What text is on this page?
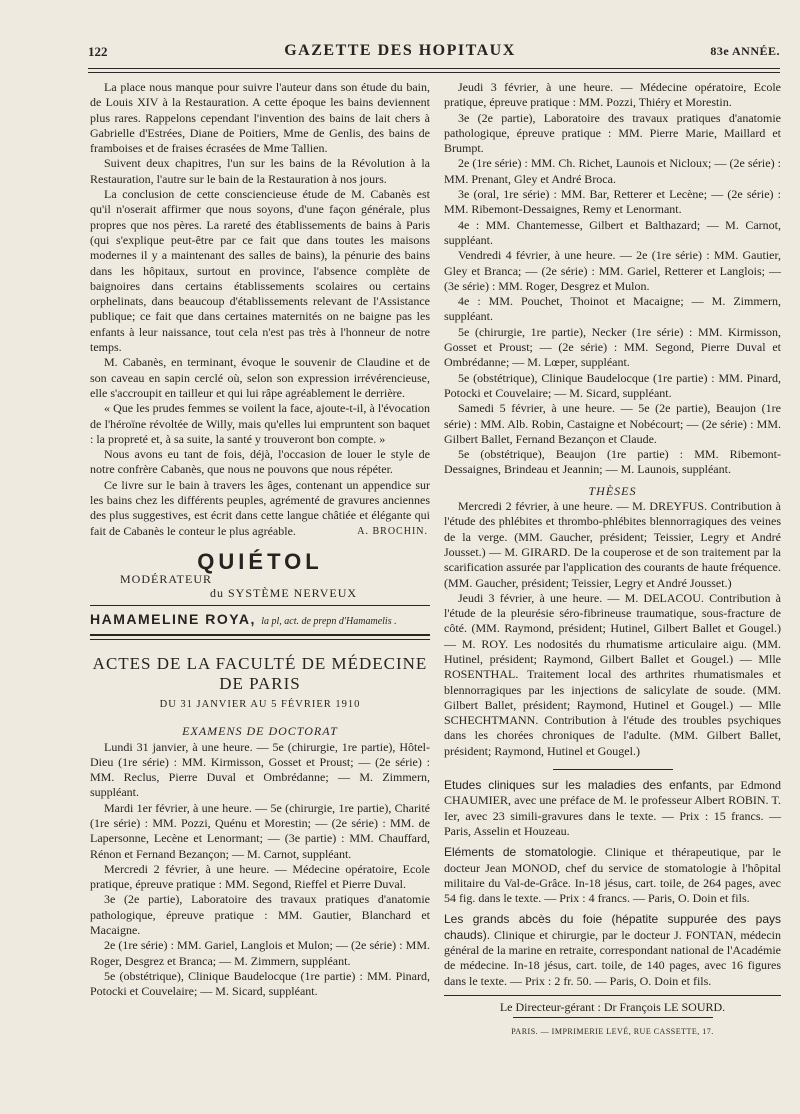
122	GAZETTE DES HOPITAUX	83e ANNÉE.

La place nous manque pour suivre l'auteur dans son étude du bain, de Louis XIV à la Restauration. A cette époque les bains deviennent plus rares. Rappelons cependant l'invention des bains de lait chers à Gabrielle d'Estrées, Diane de Poitiers, Mme de Genlis, des bains de framboises et de fraises écrasées de Mme Tallien.

Suivent deux chapitres, l'un sur les bains de la Révolution à la Restauration, l'autre sur le bain de la Restauration à nos jours.

La conclusion de cette consciencieuse étude de M. Cabanès est qu'il n'oserait affirmer que nous soyons, d'une façon générale, plus propres que nos pères. La rareté des établissements de bains à Paris (qui s'explique peut-être par ce fait que dans toutes les maisons modernes il y a maintenant des salles de bains), la pénurie des bains dans les hôpitaux, surtout en province, l'absence complète de baignoires dans certains établissements scolaires ou certains orphelinats, dans beaucoup d'établissements relevant de l'Assistance publique; ce fait que dans certaines maternités on ne baigne pas les enfants à leur naissance, tout cela n'est pas très à l'honneur de notre temps.

M. Cabanès, en terminant, évoque le souvenir de Claudine et de son caveau en sapin cerclé où, selon son expression irrévérencieuse, elle s'accroupit en tailleur et qui lui râpe agréablement le derrière.

« Que les prudes femmes se voilent la face, ajoute-t-il, à l'évocation de l'héroïne révoltée de Willy, mais qu'elles lui empruntent son baquet : la propreté et, à sa suite, la santé y trouveront bon compte. »

Nous avons eu tant de fois, déjà, l'occasion de louer le style de notre confrère Cabanès, que nous ne pouvons que nous répéter.

Ce livre sur le bain à travers les âges, contenant un appendice sur les bains chez les différents peuples, agrémenté de gravures anciennes des plus suggestives, est écrit dans cette langue châtiée et élégante qui fait de Cabanès le conteur le plus agréable.	A. BROCHIN.
QUIÉTOL
MODÉRATEUR
du SYSTÈME NERVEUX
HAMAMELINE ROYA, la pl, act. de prepn d'Hamamelis .
ACTES DE LA FACULTÉ DE MÉDECINE DE PARIS
DU 31 JANVIER AU 5 FÉVRIER 1910
EXAMENS DE DOCTORAT

Lundi 31 janvier, à une heure. — 5e (chirurgie, 1re partie), Hôtel-Dieu (1re série) : MM. Kirmisson, Gosset et Proust; — (2e série) : MM. Reclus, Pierre Duval et Ombrédanne; — M. Zimmern, suppléant.

Mardi 1er février, à une heure. — 5e (chirurgie, 1re partie), Charité (1re série) : MM. Pozzi, Quénu et Morestin; — (2e série) : MM. de Lapersonne, Lecène et Lenormant; — (3e partie) : MM. Chauffard, Rénon et Fernand Bezançon; — M. Carnot, suppléant.

Mercredi 2 février, à une heure. — Médecine opératoire, Ecole pratique, épreuve pratique : MM. Segond, Rieffel et Pierre Duval.

3e (2e partie), Laboratoire des travaux pratiques d'anatomie pathologique, épreuve pratique : MM. Gautier, Blanchard et Macaigne.

2e (1re série) : MM. Gariel, Langlois et Mulon; — (2e série) : MM. Roger, Desgrez et Branca; — M. Zimmern, suppléant.

5e (obstétrique), Clinique Baudelocque (1re partie) : MM. Pinard, Potocki et Couvelaire; — M. Sicard, suppléant.

Jeudi 3 février, à une heure. — Médecine opératoire, Ecole pratique, épreuve pratique : MM. Pozzi, Thiéry et Morestin.

3e (2e partie), Laboratoire des travaux pratiques d'anatomie pathologique, épreuve pratique : MM. Pierre Marie, Maillard et Brumpt.

2e (1re série) : MM. Ch. Richet, Launois et Nicloux; — (2e série) : MM. Prenant, Gley et André Broca.

3e (oral, 1re série) : MM. Bar, Retterer et Lecène; — (2e série) : MM. Ribemont-Dessaignes, Remy et Lenormant.

4e : MM. Chantemesse, Gilbert et Balthazard; — M. Carnot, suppléant.

Vendredi 4 février, à une heure. — 2e (1re série) : MM. Gautier, Gley et Branca; — (2e série) : MM. Gariel, Retterer et Langlois; — (3e série) : MM. Roger, Desgrez et Mulon.

4e : MM. Pouchet, Thoinot et Macaigne; — M. Zimmern, suppléant.

5e (chirurgie, 1re partie), Necker (1re série) : MM. Kirmisson, Gosset et Proust; — (2e série) : MM. Segond, Pierre Duval et Ombrédanne; — M. Lœper, suppléant.

5e (obstétrique), Clinique Baudelocque (1re partie) : MM. Pinard, Potocki et Couvelaire; — M. Sicard, suppléant.

Samedi 5 février, à une heure. — 5e (2e partie), Beaujon (1re série) : MM. Alb. Robin, Castaigne et Nobécourt; — (2e série) : MM. Gilbert Ballet, Fernand Bezançon et Claude.

5e (obstétrique), Beaujon (1re partie) : MM. Ribemont-Dessaignes, Brindeau et Jeannin; — M. Launois, suppléant.

THÈSES

Mercredi 2 février, à une heure. — M. DREYFUS. Contribution à l'étude des phlébites et thrombo-phlébites blennorragiques des veines de la verge. (MM. Gaucher, président; Teissier, Legry et André Jousset.) — M. GIRARD. De la couperose et de son traitement par la scarification assurée par l'application des courants de haute fréquence. (MM. Gaucher, président; Teissier, Legry et André Jousset.)

Jeudi 3 février, à une heure. — M. DELACOU. Contribution à l'étude de la pleurésie séro-fibrineuse traumatique, sous-fracture de côté. (MM. Raymond, président; Hutinel, Gilbert Ballet et Gougel.) — M. ROY. Les nodosités du rhumatisme articulaire aigu. (MM. Hutinel, président; Raymond, Gilbert Ballet et Gougel.) — Mlle ROSENTHAL. Traitement local des arthrites rhumatismales et blennorragiques par les injections de salicylate de soude. (MM. Gilbert Ballet, président; Raymond, Hutinel et Gougel.) — Mlle SCHECHTMANN. Contribution à l'étude des troubles psychiques dans les chorées chroniques de l'adulte. (MM. Gilbert Ballet, président; Raymond, Hutinel et Gougel.)

Etudes cliniques sur les maladies des enfants, par Edmond CHAUMIER, avec une préface de M. le professeur Albert ROBIN. T. Ier, avec 23 simili-gravures dans le texte. — Prix : 15 francs. — Paris, Asselin et Houzeau.

Eléments de stomatologie. Clinique et thérapeutique, par le docteur Jean MONOD, chef du service de stomatologie à l'hôpital militaire du Val-de-Grâce. In-18 jésus, cart. toile, de 264 pages, avec 54 fig. dans le texte. — Prix : 4 francs. — Paris, O. Doin et fils.

Les grands abcès du foie (hépatite suppurée des pays chauds). Clinique et chirurgie, par le docteur J. FONTAN, médecin général de la marine en retraite, correspondant national de l'Académie de médecine. In-18 jésus, cart. toile, de 140 pages, avec 16 figures dans le texte. — Prix : 2 fr. 50. — Paris, O. Doin et fils.

Le Directeur-gérant : Dr François LE SOURD.
PARIS. — IMPRIMERIE LEVÉ, RUE CASSETTE, 17.
